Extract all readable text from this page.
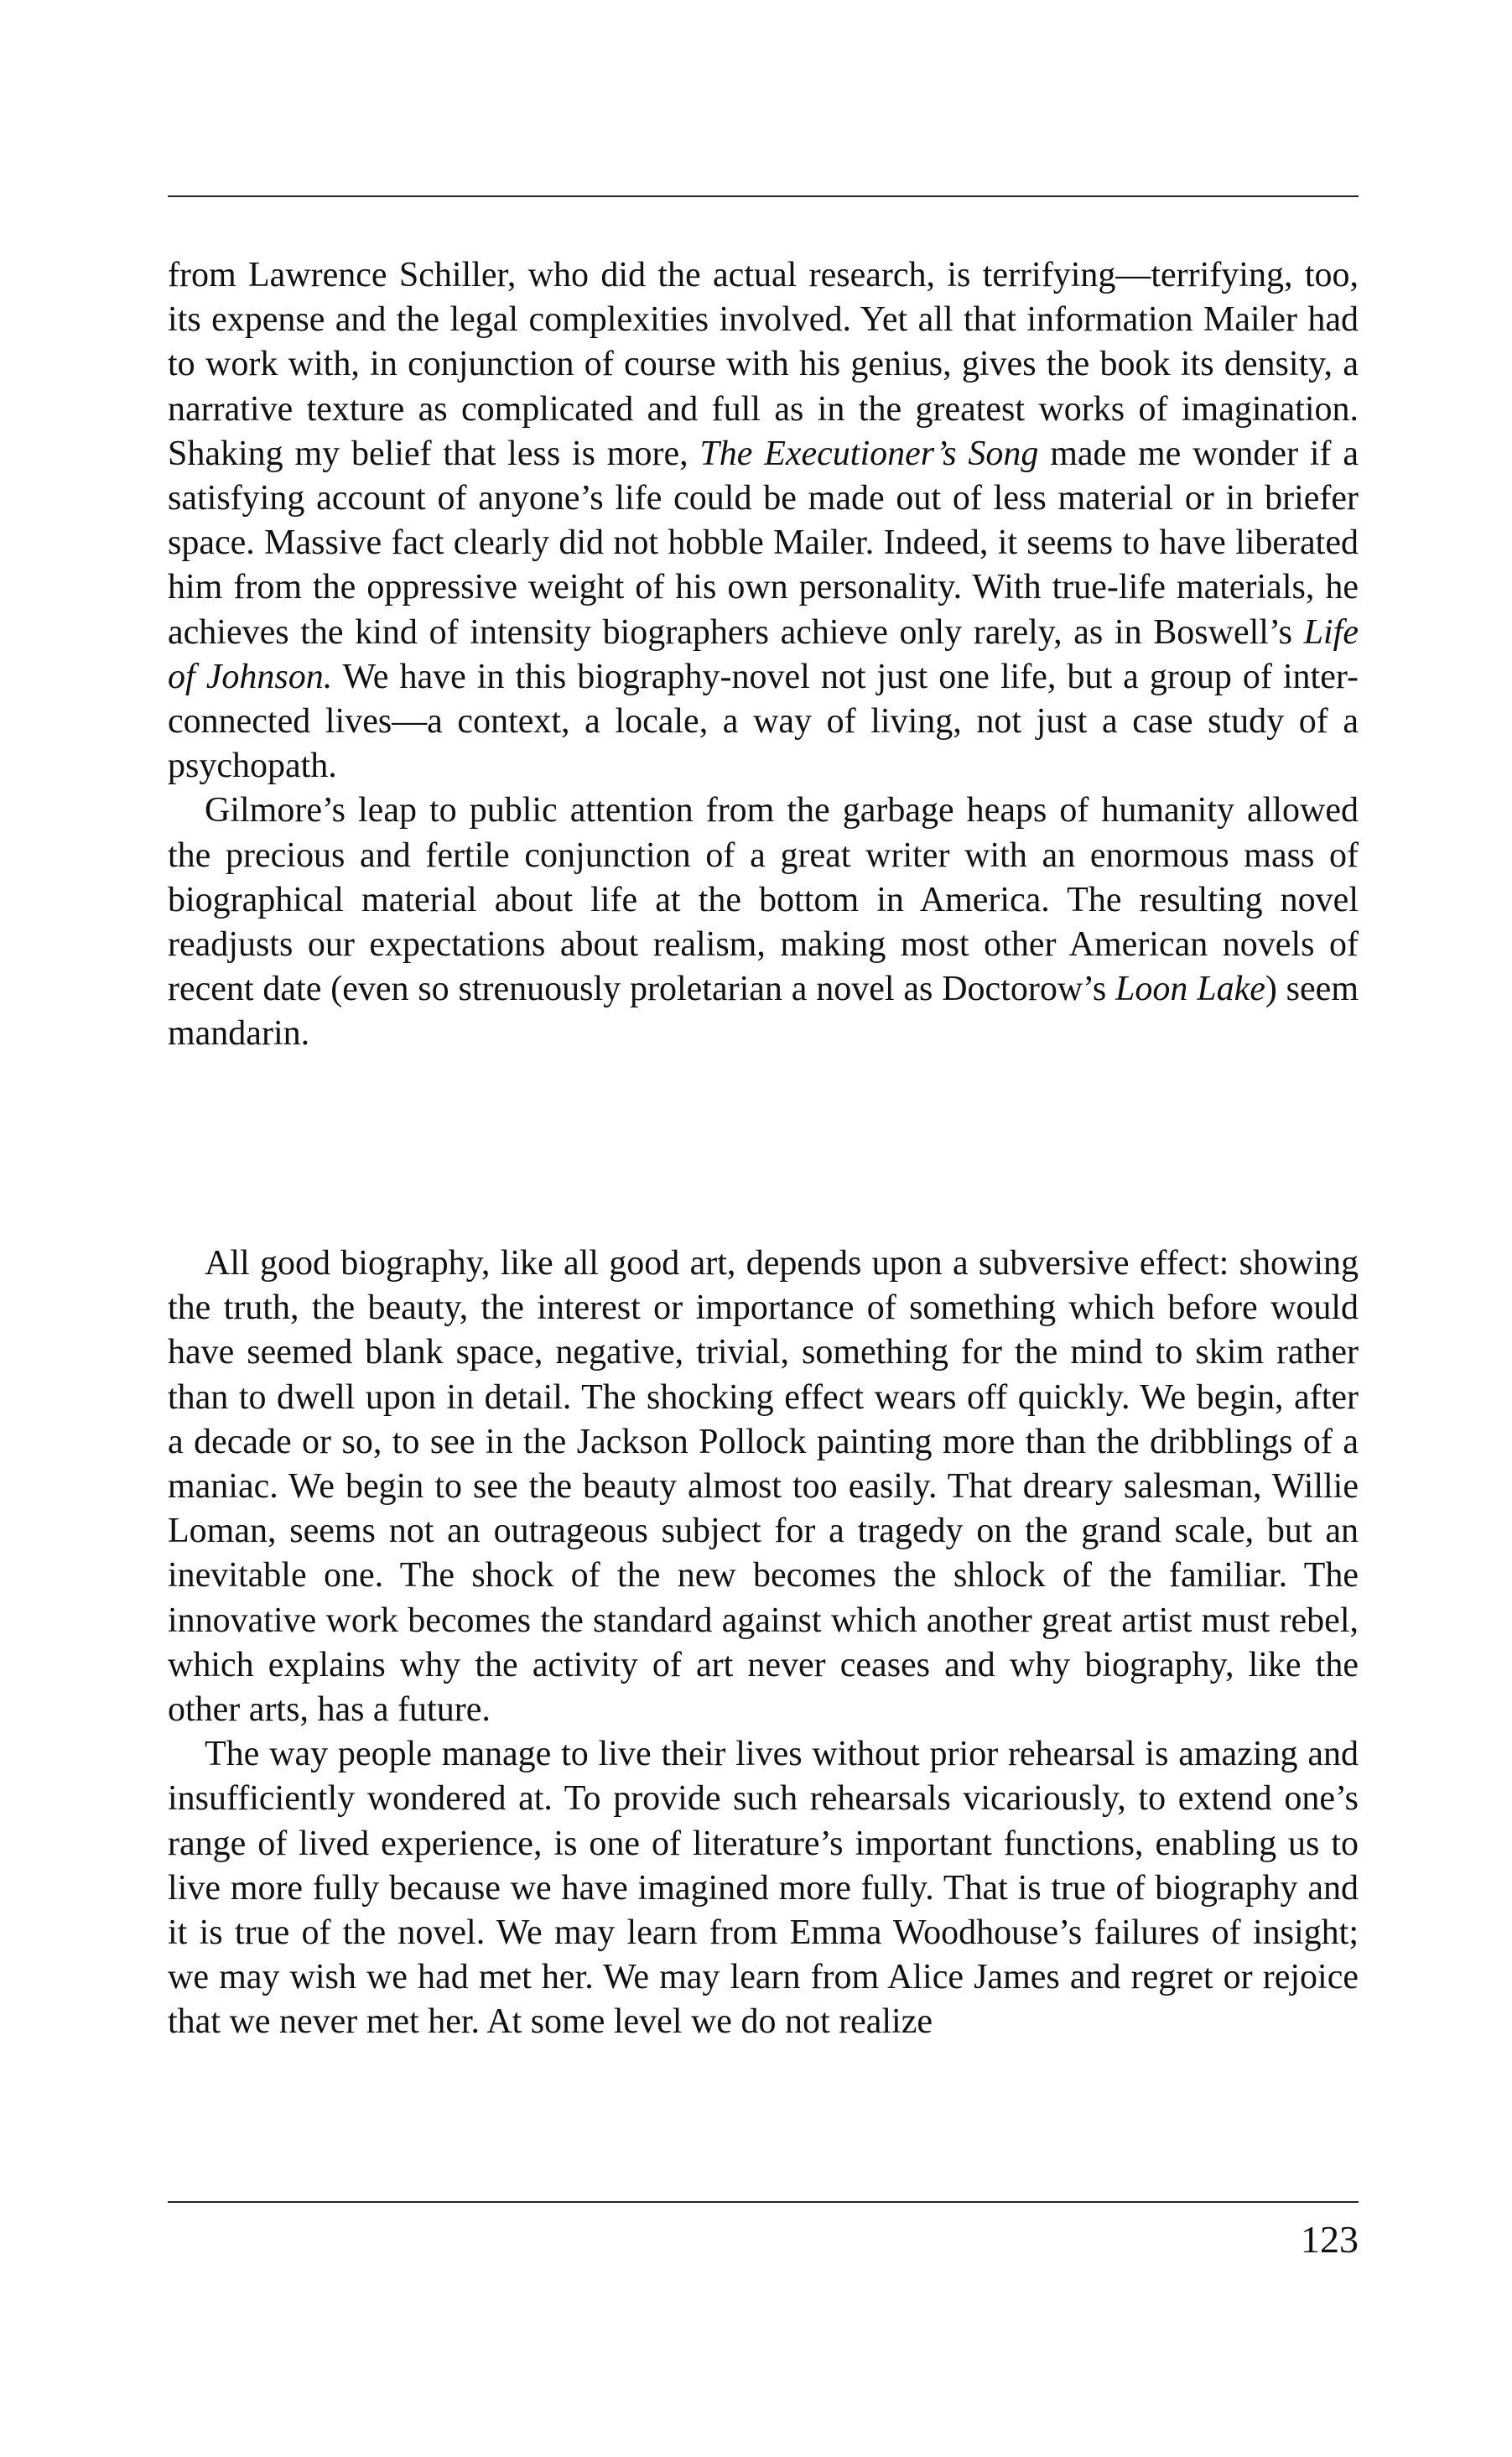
from Lawrence Schiller, who did the actual research, is terrifying—terrifying, too, its expense and the legal complexities involved. Yet all that information Mailer had to work with, in conjunction of course with his genius, gives the book its density, a narrative texture as complicated and full as in the greatest works of imagination. Shaking my belief that less is more, The Executioner’s Song made me wonder if a satisfying account of anyone’s life could be made out of less material or in briefer space. Massive fact clearly did not hobble Mailer. Indeed, it seems to have liberated him from the oppressive weight of his own personality. With true-life materials, he achieves the kind of intensity biographers achieve only rarely, as in Boswell’s Life of Johnson. We have in this biography-novel not just one life, but a group of inter-connected lives—a context, a locale, a way of living, not just a case study of a psychopath.

Gilmore’s leap to public attention from the garbage heaps of humanity allowed the precious and fertile conjunction of a great writer with an enormous mass of biographical material about life at the bottom in America. The resulting novel readjusts our expectations about realism, making most other American novels of recent date (even so strenuously proletarian a novel as Doctorow’s Loon Lake) seem mandarin.

All good biography, like all good art, depends upon a subversive effect: showing the truth, the beauty, the interest or importance of something which before would have seemed blank space, negative, trivial, something for the mind to skim rather than to dwell upon in detail. The shocking effect wears off quickly. We begin, after a decade or so, to see in the Jackson Pollock painting more than the dribblings of a maniac. We begin to see the beauty almost too easily. That dreary salesman, Willie Loman, seems not an outrageous subject for a tragedy on the grand scale, but an inevitable one. The shock of the new becomes the shlock of the familiar. The innovative work becomes the standard against which another great artist must rebel, which explains why the activity of art never ceases and why biography, like the other arts, has a future.

The way people manage to live their lives without prior rehearsal is amazing and insufficiently wondered at. To provide such rehearsals vicariously, to extend one’s range of lived experience, is one of literature’s important functions, enabling us to live more fully because we have imagined more fully. That is true of biography and it is true of the novel. We may learn from Emma Woodhouse’s failures of insight; we may wish we had met her. We may learn from Alice James and regret or rejoice that we never met her. At some level we do not realize

123
